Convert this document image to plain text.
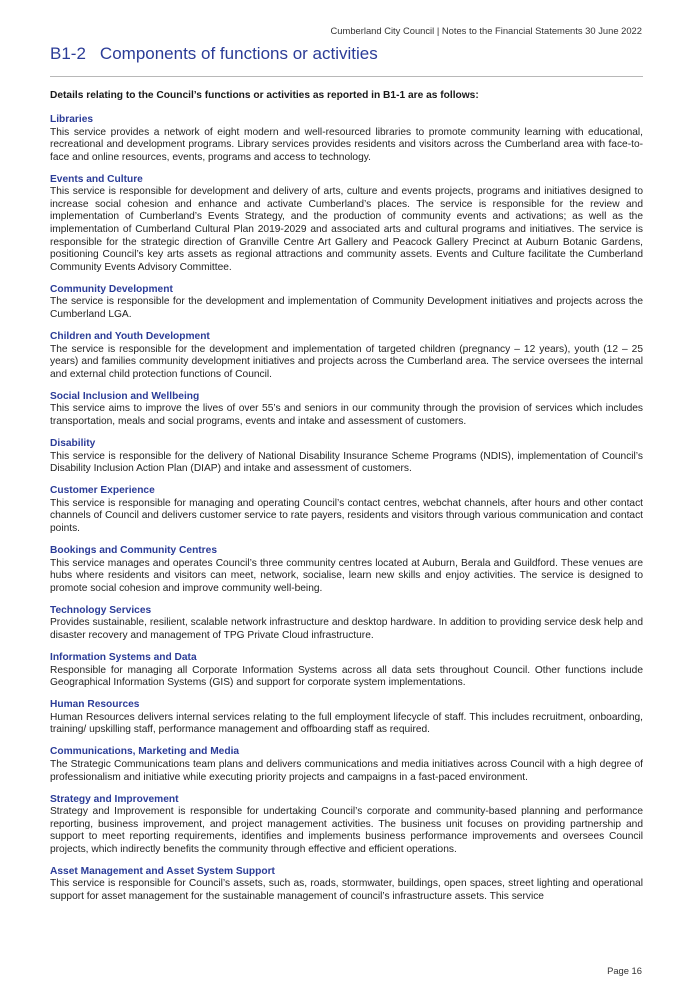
Cumberland City Council | Notes to the Financial Statements 30 June 2022
B1-2 Components of functions or activities

Details relating to the Council’s functions or activities as reported in B1-1 are as follows:

Libraries

This service provides a network of eight modern and well-resourced libraries to promote community learning with educational, recreational and development programs. Library services provides residents and visitors across the Cumberland area with face-to-face and online resources, events, programs and access to technology.

Events and Culture

This service is responsible for development and delivery of arts, culture and events projects, programs and initiatives designed to increase social cohesion and enhance and activate Cumberland’s places. The service is responsible for the review and implementation of Cumberland’s Events Strategy, and the production of community events and activations; as well as the implementation of Cumberland Cultural Plan 2019-2029 and associated arts and cultural programs and initiatives. The service is responsible for the strategic direction of Granville Centre Art Gallery and Peacock Gallery Precinct at Auburn Botanic Gardens, positioning Council’s key arts assets as regional attractions and community assets. Events and Culture facilitate the Cumberland Community Events Advisory Committee.

Community Development

The service is responsible for the development and implementation of Community Development initiatives and projects across the Cumberland LGA.

Children and Youth Development

The service is responsible for the development and implementation of targeted children (pregnancy – 12 years), youth (12 – 25 years) and families community development initiatives and projects across the Cumberland area. The service oversees the internal and external child protection functions of Council.

Social Inclusion and Wellbeing

This service aims to improve the lives of over 55’s and seniors in our community through the provision of services which includes transportation, meals and social programs, events and intake and assessment of customers.

Disability

This service is responsible for the delivery of National Disability Insurance Scheme Programs (NDIS), implementation of Council’s Disability Inclusion Action Plan (DIAP) and intake and assessment of customers.

Customer Experience

This service is responsible for managing and operating Council’s contact centres, webchat channels, after hours and other contact channels of Council and delivers customer service to rate payers, residents and visitors through various communication and contact points.

Bookings and Community Centres

This service manages and operates Council’s three community centres located at Auburn, Berala and Guildford. These venues are hubs where residents and visitors can meet, network, socialise, learn new skills and enjoy activities. The service is designed to promote social cohesion and improve community well-being.

Technology Services

Provides sustainable, resilient, scalable network infrastructure and desktop hardware. In addition to providing service desk help and disaster recovery and management of TPG Private Cloud infrastructure.

Information Systems and Data

Responsible for managing all Corporate Information Systems across all data sets throughout Council. Other functions include Geographical Information Systems (GIS) and support for corporate system implementations.

Human Resources

Human Resources delivers internal services relating to the full employment lifecycle of staff. This includes recruitment, onboarding, training/ upskilling staff, performance management and offboarding staff as required.

Communications, Marketing and Media

The Strategic Communications team plans and delivers communications and media initiatives across Council with a high degree of professionalism and initiative while executing priority projects and campaigns in a fast-paced environment.

Strategy and Improvement

Strategy and Improvement is responsible for undertaking Council’s corporate and community-based planning and performance reporting, business improvement, and project management activities. The business unit focuses on providing partnership and support to meet reporting requirements, identifies and implements business performance improvements and oversees Council projects, which indirectly benefits the community through effective and efficient operations.

Asset Management and Asset System Support

This service is responsible for Council’s assets, such as, roads, stormwater, buildings, open spaces, street lighting and operational support for asset management for the sustainable management of council’s infrastructure assets. This service

Page 16
